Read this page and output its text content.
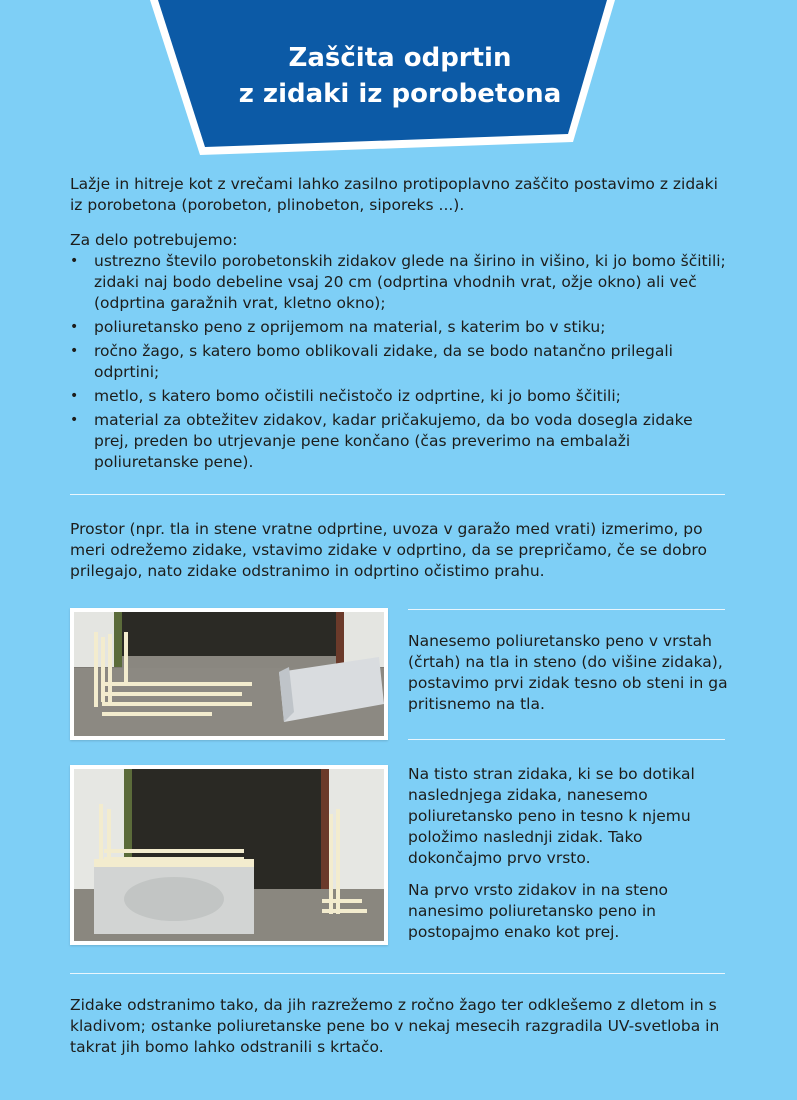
Zaščita odprtin
z zidaki iz porobetona

Lažje in hitreje kot z vrečami lahko zasilno protipoplavno zaščito postavimo z zidaki iz porobetona (porobeton, plinobeton, siporeks ...).

Za delo potrebujemo:

• ustrezno število porobetonskih zidakov glede na širino in višino, ki jo bomo ščitili; zidaki naj bodo debeline vsaj 20 cm (odprtina vhodnih vrat, ožje okno) ali več (odprtina garažnih vrat, kletno okno);
• poliuretansko peno z oprijemom na material, s katerim bo v stiku;
• ročno žago, s katero bomo oblikovali zidake, da se bodo natančno prilegali odprtini;
• metlo, s katero bomo očistili nečistočo iz odprtine, ki jo bomo ščitili;
• material za obtežitev zidakov, kadar pričakujemo, da bo voda dosegla zidake prej, preden bo utrjevanje pene končano (čas preverimo na embalaži poliuretanske pene).

Prostor (npr. tla in stene vratne odprtine, uvoza v garažo med vrati) izmerimo, po meri odrežemo zidake, vstavimo zidake v odprtino, da se prepričamo, če se dobro prilegajo, nato zidake odstranimo in odprtino očistimo prahu.

Nanesemo poliuretansko peno v vrstah (črtah) na tla in steno (do višine zidaka), postavimo prvi zidak tesno ob steni in ga pritisnemo na tla.

Na tisto stran zidaka, ki se bo dotikal naslednjega zidaka, nanesemo poliuretansko peno in tesno k njemu položimo naslednji zidak. Tako dokončajmo prvo vrsto.

Na prvo vrsto zidakov in na steno nanesimo poliuretansko peno in postopajmo enako kot prej.

Zidake odstranimo tako, da jih razrežemo z ročno žago ter odklešemo z dletom in s kladivom; ostanke poliuretanske pene bo v nekaj mesecih razgradila UV-svetloba in takrat jih bomo lahko odstranili s krtačo.
